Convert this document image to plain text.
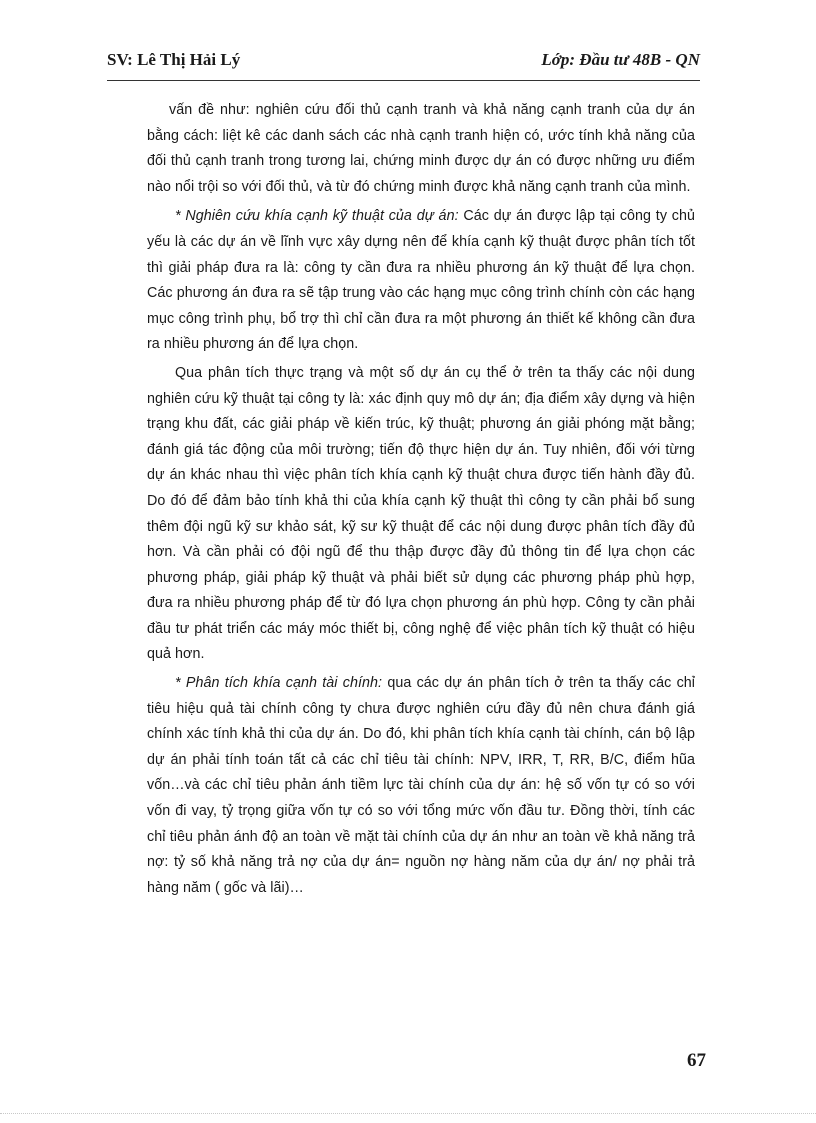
SV: Lê Thị Hải Lý	Lớp: Đầu tư 48B - QN

vấn đề như: nghiên cứu đối thủ cạnh tranh và khả năng cạnh tranh của dự án bằng cách: liệt kê các danh sách các nhà cạnh tranh hiện có, ước tính khả năng của đối thủ cạnh tranh trong tương lai, chứng minh được dự án có được những ưu điểm nào nổi trội so với đối thủ, và từ đó chứng minh được khả năng cạnh tranh của mình.

* Nghiên cứu khía cạnh kỹ thuật của dự án: Các dự án được lập tại công ty chủ yếu là các dự án về lĩnh vực xây dựng nên để khía cạnh kỹ thuật được phân tích tốt thì giải pháp đưa ra là: công ty cần đưa ra nhiều phương án kỹ thuật để lựa chọn. Các phương án đưa ra sẽ tập trung vào các hạng mục công trình chính còn các hạng mục công trình phụ, bổ trợ thì chỉ cần đưa ra một phương án thiết kế không cần đưa ra nhiều phương án để lựa chọn.

Qua phân tích thực trạng và một số dự án cụ thể ở trên ta thấy các nội dung nghiên cứu kỹ thuật tại công ty là: xác định quy mô dự án; địa điểm xây dựng và hiện trạng khu đất, các giải pháp về kiến trúc, kỹ thuật; phương án giải phóng mặt bằng; đánh giá tác động của môi trường; tiến độ thực hiện dự án. Tuy nhiên, đối với từng dự án khác nhau thì việc phân tích khía cạnh kỹ thuật chưa được tiến hành đầy đủ. Do đó để đảm bảo tính khả thi của khía cạnh kỹ thuật thì công ty cần phải bổ sung thêm đội ngũ kỹ sư khảo sát, kỹ sư kỹ thuật để các nội dung được phân tích đầy đủ hơn. Và cần phải có đội ngũ để thu thập được đầy đủ thông tin để lựa chọn các phương pháp, giải pháp kỹ thuật và phải biết sử dụng các phương pháp phù hợp, đưa ra nhiều phương pháp để từ đó lựa chọn phương án phù hợp. Công ty cần phải đầu tư phát triển các máy móc thiết bị, công nghệ để việc phân tích kỹ thuật có hiệu quả hơn.

* Phân tích khía cạnh tài chính: qua các dự án phân tích ở trên ta thấy các chỉ tiêu hiệu quả tài chính công ty chưa được nghiên cứu đầy đủ nên chưa đánh giá chính xác tính khả thi của dự án. Do đó, khi phân tích khía cạnh tài chính, cán bộ lập dự án phải tính toán tất cả các chỉ tiêu tài chính: NPV, IRR, T, RR, B/C, điểm hũa vốn…và các chỉ tiêu phản ánh tiềm lực tài chính của dự án: hệ số vốn tự có so với vốn đi vay, tỷ trọng giữa vốn tự có so với tổng mức vốn đầu tư. Đồng thời, tính các chỉ tiêu phản ánh độ an toàn về mặt tài chính của dự án như an toàn về khả năng trả nợ: tỷ số khả năng trả nợ của dự án= nguồn nợ hàng năm của dự án/ nợ phải trả hàng năm ( gốc và lãi)…

67
